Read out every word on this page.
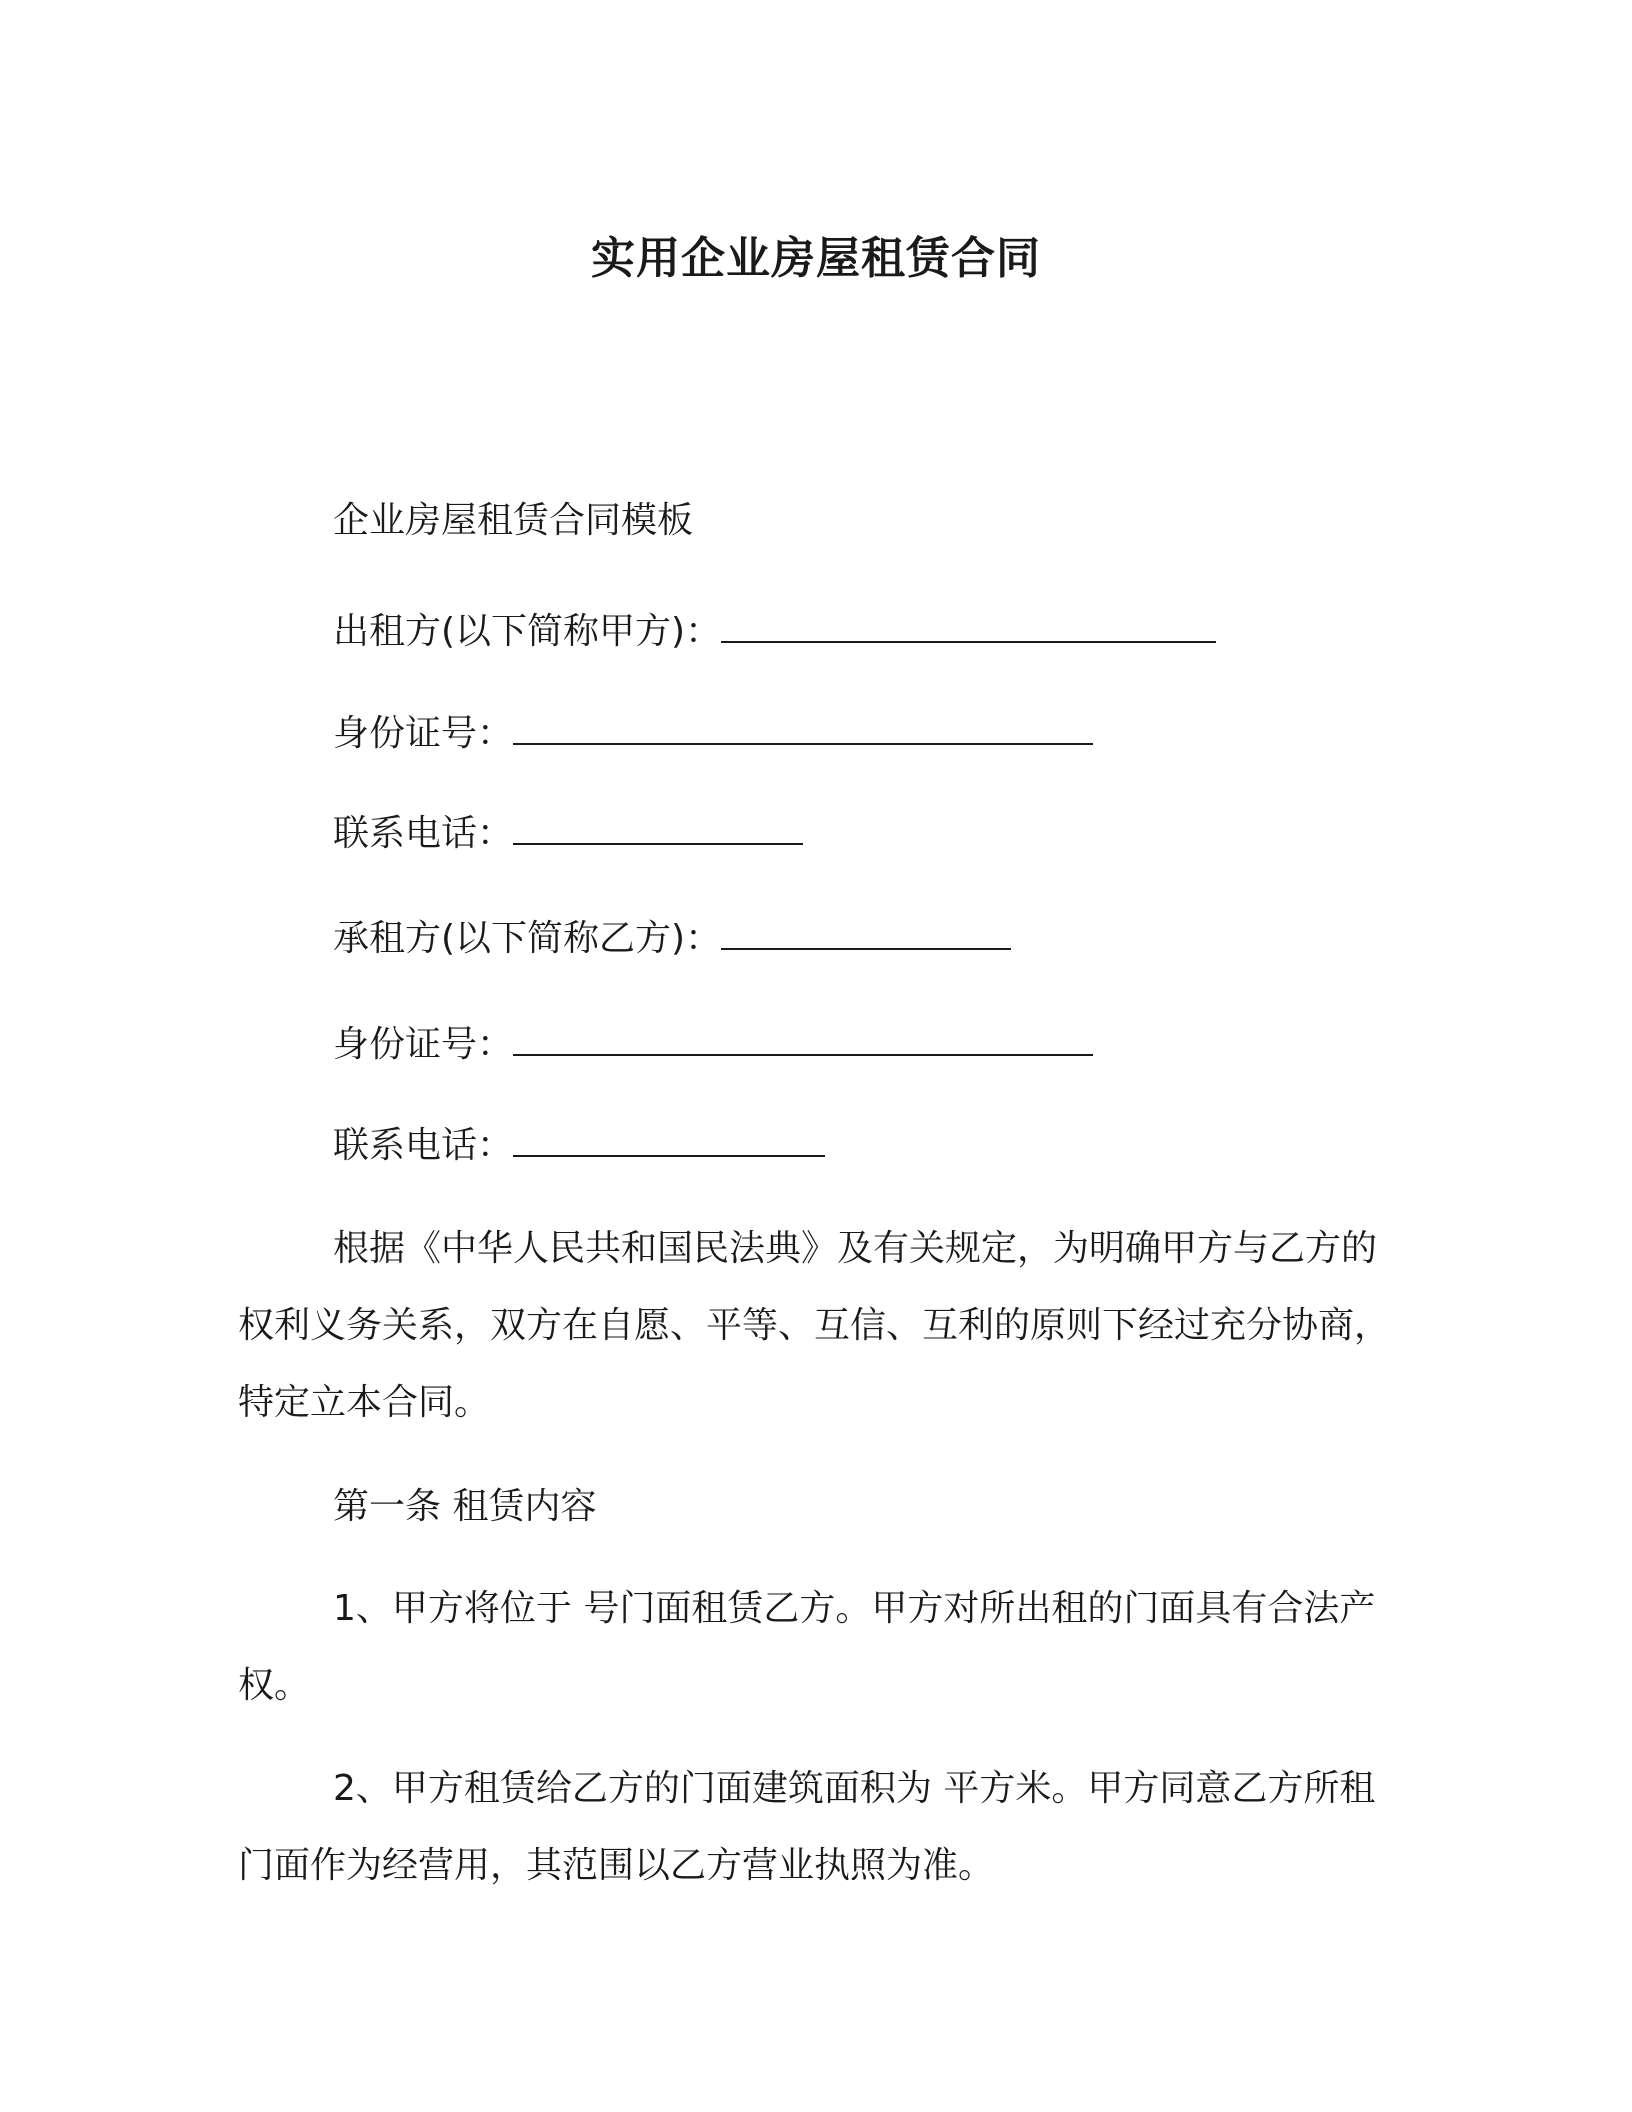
实用企业房屋租赁合同
企业房屋租赁合同模板
出租方(以下简称甲方)：
身份证号：
联系电话：
承租方(以下简称乙方)：
身份证号：
联系电话：
根据《中华人民共和国民法典》及有关规定，为明确甲方与乙方的权利义务关系，双方在自愿、平等、互信、互利的原则下经过充分协商，特定立本合同。
第一条 租赁内容
1、甲方将位于 号门面租赁乙方。甲方对所出租的门面具有合法产权。
2、甲方租赁给乙方的门面建筑面积为 平方米。甲方同意乙方所租门面作为经营用，其范围以乙方营业执照为准。
